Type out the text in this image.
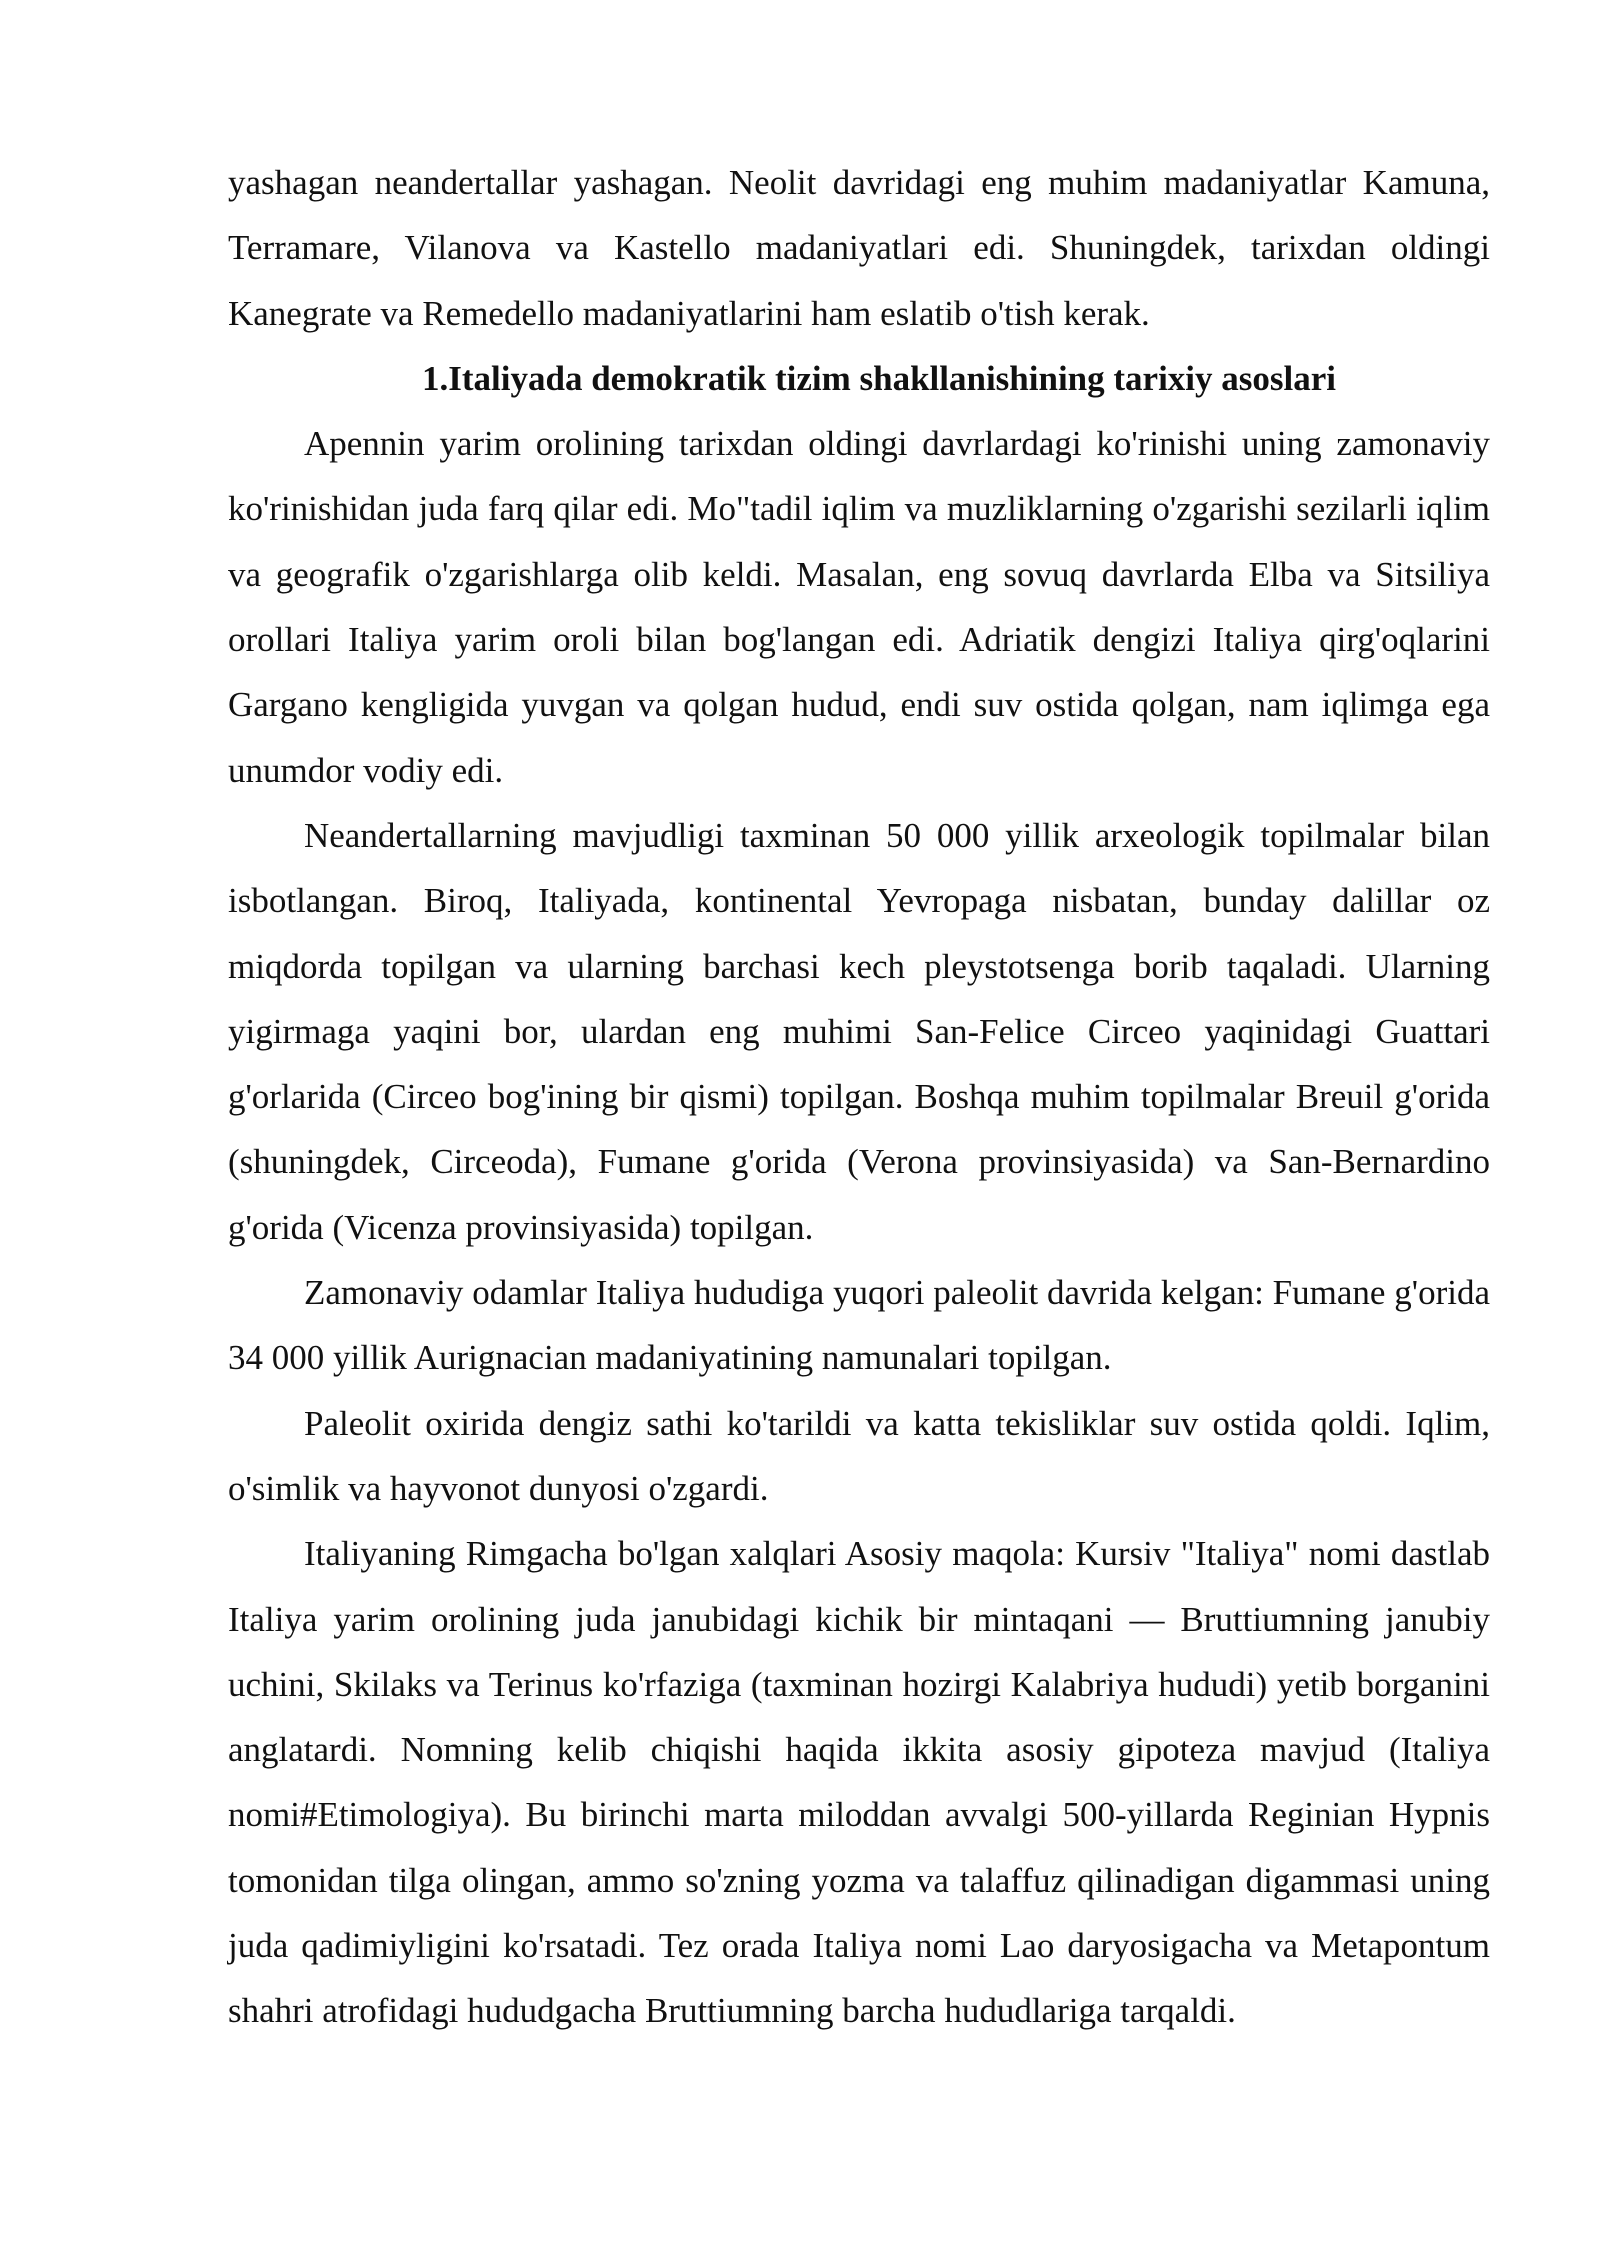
yashagan neandertallar yashagan. Neolit davridagi eng muhim madaniyatlar Kamuna, Terramare, Vilanova va Kastello madaniyatlari edi. Shuningdek, tarixdan oldingi Kanegrate va Remedello madaniyatlarini ham eslatib o'tish kerak.

1.Italiyada demokratik tizim shakllanishining tarixiy asoslari

Apennin yarim orolining tarixdan oldingi davrlardagi ko'rinishi uning zamonaviy ko'rinishidan juda farq qilar edi. Mo"tadil iqlim va muzliklarning o'zgarishi sezilarli iqlim va geografik o'zgarishlarga olib keldi. Masalan, eng sovuq davrlarda Elba va Sitsiliya orollari Italiya yarim oroli bilan bog'langan edi. Adriatik dengizi Italiya qirg'oqlarini Gargano kengligida yuvgan va qolgan hudud, endi suv ostida qolgan, nam iqlimga ega unumdor vodiy edi.

Neandertallarning mavjudligi taxminan 50 000 yillik arxeologik topilmalar bilan isbotlangan. Biroq, Italiyada, kontinental Yevropaga nisbatan, bunday dalillar oz miqdorda topilgan va ularning barchasi kech pleystotsenga borib taqaladi. Ularning yigirmaga yaqini bor, ulardan eng muhimi San-Felice Circeo yaqinidagi Guattari g'orlarida (Circeo bog'ining bir qismi) topilgan. Boshqa muhim topilmalar Breuil g'orida (shuningdek, Circeoda), Fumane g'orida (Verona provinsiyasida) va San-Bernardino g'orida (Vicenza provinsiyasida) topilgan.

Zamonaviy odamlar Italiya hududiga yuqori paleolit davrida kelgan: Fumane g'orida 34 000 yillik Aurignacian madaniyatining namunalari topilgan.

Paleolit oxirida dengiz sathi ko'tarildi va katta tekisliklar suv ostida qoldi. Iqlim, o'simlik va hayvonot dunyosi o'zgardi.

Italiyaning Rimgacha bo'lgan xalqlari Asosiy maqola: Kursiv "Italiya" nomi dastlab Italiya yarim orolining juda janubidagi kichik bir mintaqani — Bruttiumning janubiy uchini, Skilaks va Terinus ko'rfaziga (taxminan hozirgi Kalabriya hududi) yetib borganini anglatardi. Nomning kelib chiqishi haqida ikkita asosiy gipoteza mavjud (Italiya nomi#Etimologiya). Bu birinchi marta miloddan avvalgi 500-yillarda Reginian Hypnis tomonidan tilga olingan, ammo so'zning yozma va talaffuz qilinadigan digammasi uning juda qadimiyligini ko'rsatadi. Tez orada Italiya nomi Lao daryosigacha va Metapontum shahri atrofidagi hududgacha Bruttiumning barcha hududlariga tarqaldi.
